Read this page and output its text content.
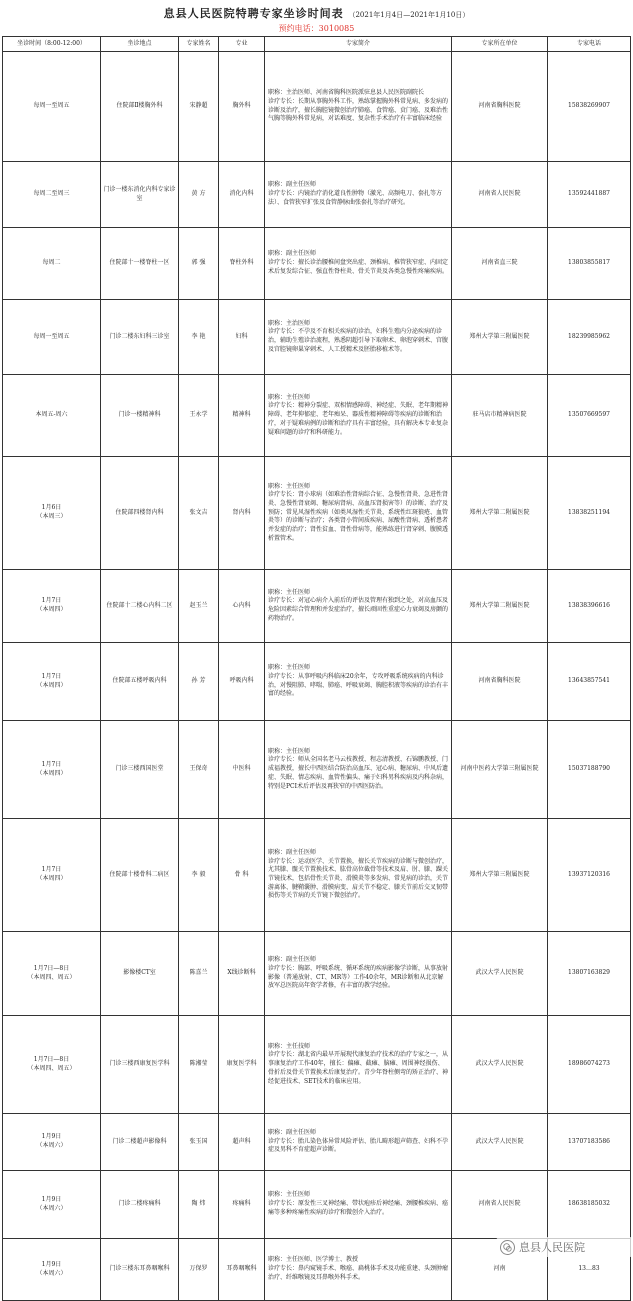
息县人民医院特聘专家坐诊时间表 （2021年1月4日—2021年1月10日）
预约电话：3010085
坐诊时间（8:00-12:00）	坐诊地点	专家姓名	专业	专家简介	专家所在单位	专家电话
每周一至周五	住院部Ⅱ楼胸外科	宋静超	胸外科	职称：主治医师、河南省胸科医院派驻息县人民医院副院长
诊疗专长：长期从事胸外科工作，熟练掌握胸外科常见病、多发病的诊断及治疗，擅长胸腔镜微创治疗肺癌、食管癌、贲门癌、及难治性气胸等胸外科常见病，对话难度、复杂性手术治疗有丰富临床经验	河南省胸科医院	15838269907
每周二至周三	门诊一楼东消化内科专家诊室	黄 方	消化内科	职称：副主任医师
诊疗专长：内镜治疗消化道良性肿物（激光、高频电刀、套扎等方法）、食管狭窄扩张及食管静脉曲张套扎等治疗研究。	河南省人民医院	13592441887
每周二	住院部十一楼脊柱一区	郭 强	脊柱外科	职称：副主任医师
诊疗专长：擅长诊治腰椎间盘突出症、颈椎病、椎管狭窄症、内固定术后复发综合征、强直性脊柱炎、骨关节炎及各类急慢性疼痛疾病。	河南省直三院	13803855817
每周一至周五	门诊二楼东妇科三诊室	李 艳	妇科	职称：主治医师
诊疗专长：不孕及不育相关疾病的诊治，妇科生殖内分泌疾病的诊治，辅助生殖诊治流程，熟悉阴超引导下取卵术、卵泡穿刺术、宫腹及宫腔镜卵巢穿刺术、人工授精术及胚胎移植术等。	郑州大学第三附属医院	18239985962
本周五-周六	门诊一楼精神科	王永学	精神科	职称：主任医师
诊疗专长：精神分裂症、双相情感障碍、神经症、失眠、老年期精神障碍、老年抑郁症、老年痴呆、器质性精神障碍等疾病的诊断和治疗，对于疑难病例的诊断和治疗具有丰富经验，具有解决本专业复杂疑难问题的诊疗和科研能力。	驻马店市精神病医院	13507669597
1月6日
（本周三）	住院部四楼肾内科	张文吉	肾内科	职称：主任医师
诊疗专长：肾小球病（如难治性肾病综合征、急慢性肾炎、急进性肾炎、急慢性肾衰竭、糖尿病肾病、高血压肾损害等）的诊断、治疗及预防；常见风湿性疾病（如类风湿性关节炎、系统性红斑狼疮、血管炎等）的诊断与治疗；各类肾小管间质疾病、尿酸性肾病、透析患者并发症的治疗；肾性贫血、肾性骨病等，能熟练进行肾穿刺、腹膜透析置管术。	郑州大学第二附属医院	13838251194
1月7日
（本周四）	住院部十二楼心内科二区	赵玉兰	心内科	职称：主任医师
诊疗专长：对冠心病介入前后的评估及管理有独到之处，对高血压及危险因素综合管理和并发症治疗，擅长顽固性重症心力衰竭及房颤的药物治疗。	郑州大学第二附属医院	13838396616
1月7日
（本周四）	住院部五楼呼吸内科	孙 芳	呼吸内科	职称：主任医师
诊疗专长：从事呼吸内科临床20余年，专攻呼吸系统疾病的内科诊治，对慢阻肺、哮喘、肺癌、呼吸衰竭、胸腔积液等疾病的诊治有丰富的经验。	河南省胸科医院	13643857541
1月7日
（本周四）	门诊三楼西国医堂	王保奇	中医科	职称：主任医师
诊疗专长：师从全国名老马云枝教授、程志清教授、石锦鹏教授、门成福教授，擅长中西医结合防治高血压、冠心病、糖尿病、中风后遗症、失眠、情志疾病、血管性偏头、痛于妇科男科疾病及内科杂病，特别是PCI术后评估及再狭窄的中西医防治。	河南中医药大学第三附属医院	15037188790
1月7日
（本周四）	住院部十楼骨科二病区	李 毅	骨 科	职称：副主任医师
诊疗专长：运动医学、关节置换，擅长关节疾病的诊断与微创治疗，尤其膝、髋关节置换技术、肱骨高位截骨等技术及肩、肘、膝、踝关节镜技术，包括骨性关节炎、滑膜炎等多发病、常见病的诊治，关节游离体、腱鞘囊肿、滑膜病变、肩关节不稳定、膝关节前后交叉韧带损伤等关节病的关节镜下微创治疗。	郑州大学第三附属医院	13937120316
1月7日—8日
（本周四、周五）	影像楼CT室	陈喜兰	X线诊断科	职称：副主任医师
诊疗专长：胸部、呼吸系统、循环系统的疾病影像学诊断，从事放射影像（普通放射、CT、MR等）工作40余年，MR诊断和从北京解放军总医院高年资学者修，有丰富的教学经验。	武汉大学人民医院	13807163829
1月7日—8日
（本周四、周五）	门诊三楼西康复医学科	陈湘莹	康复医学科	职称：主任技师
诊疗专长：湖北省内最早开展现代康复治疗技术的治疗专家之一，从事康复治疗工作40年，擅长：偏瘫、截瘫、脑瘫、周围神经损伤、骨折后及骨关节置换术后康复治疗。青少年脊柱侧弯的矫正治疗、神经促进技术、SET技术的临床应用。	武汉大学人民医院	18986074273
1月9日
（本周六）	门诊二楼超声影像科	张玉国	超声科	职称：副主任医师
诊疗专长：胎儿染色体异常风险评估、胎儿畸形超声筛查、妇科不孕症及男科不育症超声诊断。	武汉大学人民医院	13707183586
1月9日
（本周六）	门诊二楼疼痛科	陶 炜	疼痛科	职称：主任医师
诊疗专长：原发性三叉神经痛、带状疱疹后神经痛、颈腰椎疾病、癌痛等多种疼痛性疾病的诊疗和微创介入治疗。	河南省人民医院	18638185032
1月9日
（本周六）	门诊三楼东耳鼻咽喉科	万保罗	耳鼻咽喉科	职称：主任医师、医学博士、教授
诊疗专长：鼻内窥镜手术、喉癌、扁桃体手术及功能重建、头颈肿瘤治疗、纤维喉镜及耳鼻喉外科手术。	河南	13…83
息县人民医院
